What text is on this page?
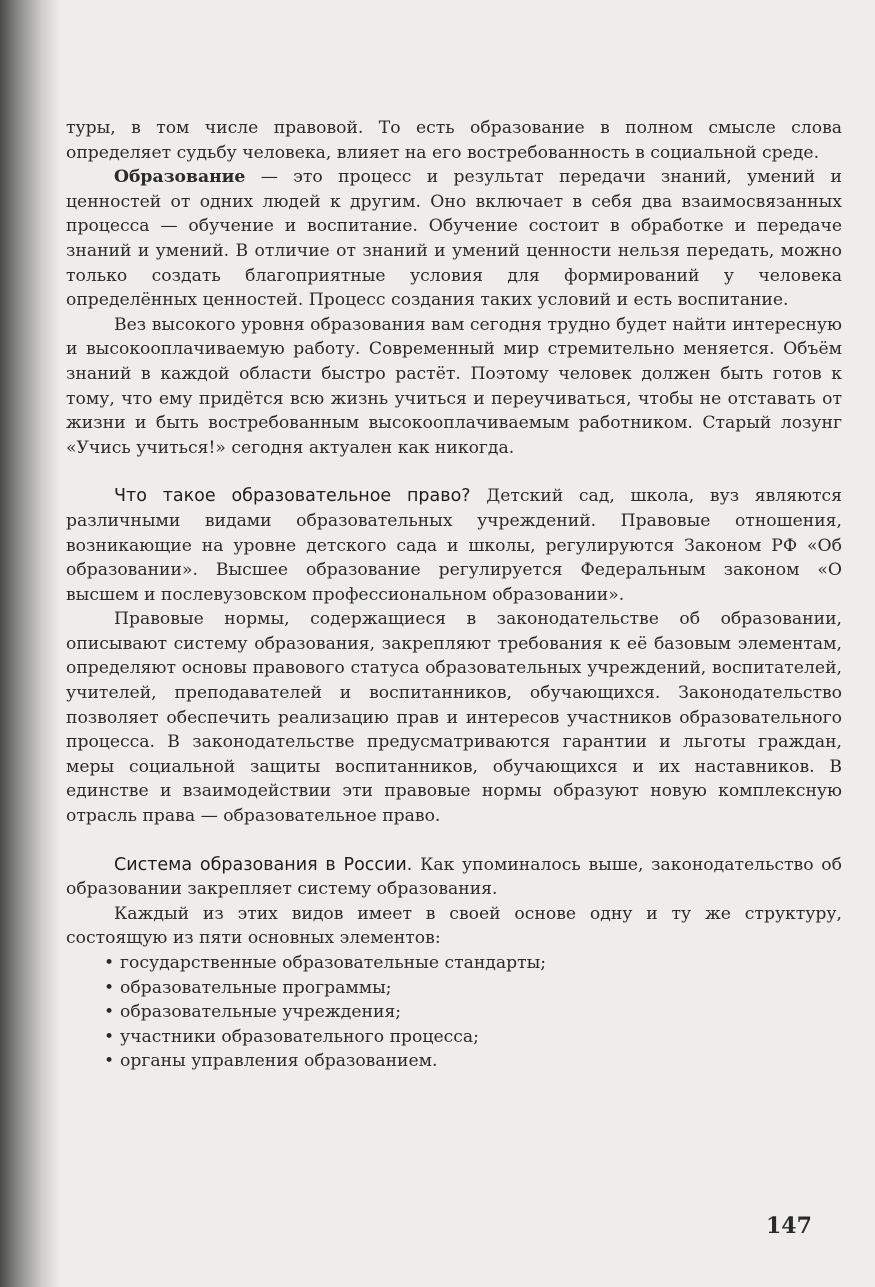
туры, в том числе правовой. То есть образование в полном смысле слова определяет судьбу человека, влияет на его востребованность в социальной среде.

Образование — это процесс и результат передачи знаний, умений и ценностей от одних людей к другим. Оно включает в себя два взаимосвязанных процесса — обучение и воспитание. Обучение состоит в обработке и передаче знаний и умений. В отличие от знаний и умений ценности нельзя передать, можно только создать благоприятные условия для формирований у человека определённых ценностей. Процесс создания таких условий и есть воспитание.

Вез высокого уровня образования вам сегодня трудно будет найти интересную и высокооплачиваемую работу. Современный мир стремительно меняется. Объём знаний в каждой области быстро растёт. Поэтому человек должен быть готов к тому, что ему придётся всю жизнь учиться и переучиваться, чтобы не отставать от жизни и быть востребованным высокооплачиваемым работником. Старый лозунг «Учись учиться!» сегодня актуален как никогда.

Что такое образовательное право? Детский сад, школа, вуз являются различными видами образовательных учреждений. Правовые отношения, возникающие на уровне детского сада и школы, регулируются Законом РФ «Об образовании». Высшее образование регулируется Федеральным законом «О высшем и послевузовском профессиональном образовании».

Правовые нормы, содержащиеся в законодательстве об образовании, описывают систему образования, закрепляют требования к её базовым элементам, определяют основы правового статуса образовательных учреждений, воспитателей, учителей, преподавателей и воспитанников, обучающихся. Законодательство позволяет обеспечить реализацию прав и интересов участников образовательного процесса. В законодательстве предусматриваются гарантии и льготы граждан, меры социальной защиты воспитанников, обучающихся и их наставников. В единстве и взаимодействии эти правовые нормы образуют новую комплексную отрасль права — образовательное право.

Система образования в России. Как упоминалось выше, законодательство об образовании закрепляет систему образования.

Каждый из этих видов имеет в своей основе одну и ту же структуру, состоящую из пяти основных элементов:

• государственные образовательные стандарты;
• образовательные программы;
• образовательные учреждения;
• участники образовательного процесса;
• органы управления образованием.
147
